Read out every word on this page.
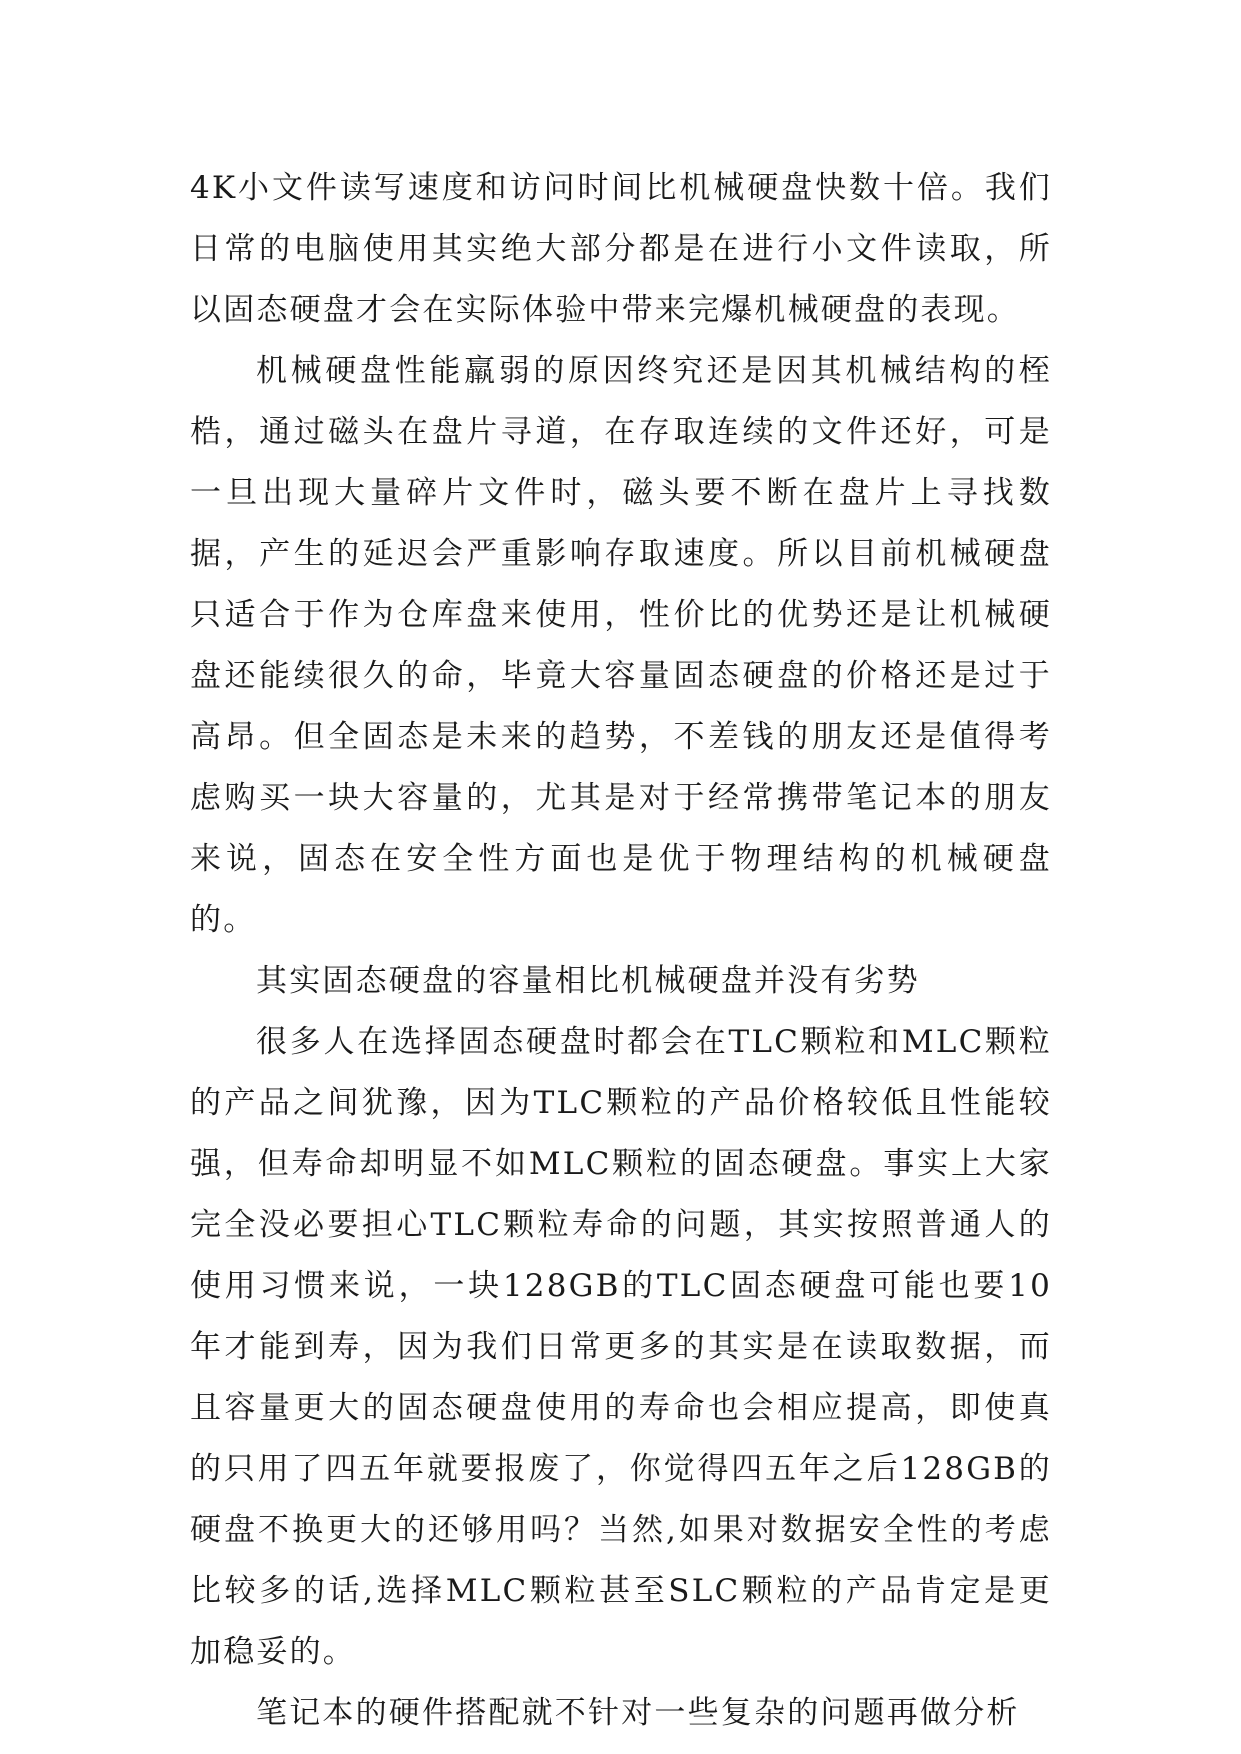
4K小文件读写速度和访问时间比机械硬盘快数十倍。我们日常的电脑使用其实绝大部分都是在进行小文件读取，所以固态硬盘才会在实际体验中带来完爆机械硬盘的表现。

机械硬盘性能羸弱的原因终究还是因其机械结构的桎梏，通过磁头在盘片寻道，在存取连续的文件还好，可是一旦出现大量碎片文件时，磁头要不断在盘片上寻找数据，产生的延迟会严重影响存取速度。所以目前机械硬盘只适合于作为仓库盘来使用，性价比的优势还是让机械硬盘还能续很久的命，毕竟大容量固态硬盘的价格还是过于高昂。但全固态是未来的趋势，不差钱的朋友还是值得考虑购买一块大容量的，尤其是对于经常携带笔记本的朋友来说，固态在安全性方面也是优于物理结构的机械硬盘的。

其实固态硬盘的容量相比机械硬盘并没有劣势

很多人在选择固态硬盘时都会在TLC颗粒和MLC颗粒的产品之间犹豫，因为TLC颗粒的产品价格较低且性能较强，但寿命却明显不如MLC颗粒的固态硬盘。事实上大家完全没必要担心TLC颗粒寿命的问题，其实按照普通人的使用习惯来说，一块128GB的TLC固态硬盘可能也要10年才能到寿，因为我们日常更多的其实是在读取数据，而且容量更大的固态硬盘使用的寿命也会相应提高，即使真的只用了四五年就要报废了，你觉得四五年之后128GB的硬盘不换更大的还够用吗？当然,如果对数据安全性的考虑比较多的话,选择MLC颗粒甚至SLC颗粒的产品肯定是更加稳妥的。

笔记本的硬件搭配就不针对一些复杂的问题再做分析
